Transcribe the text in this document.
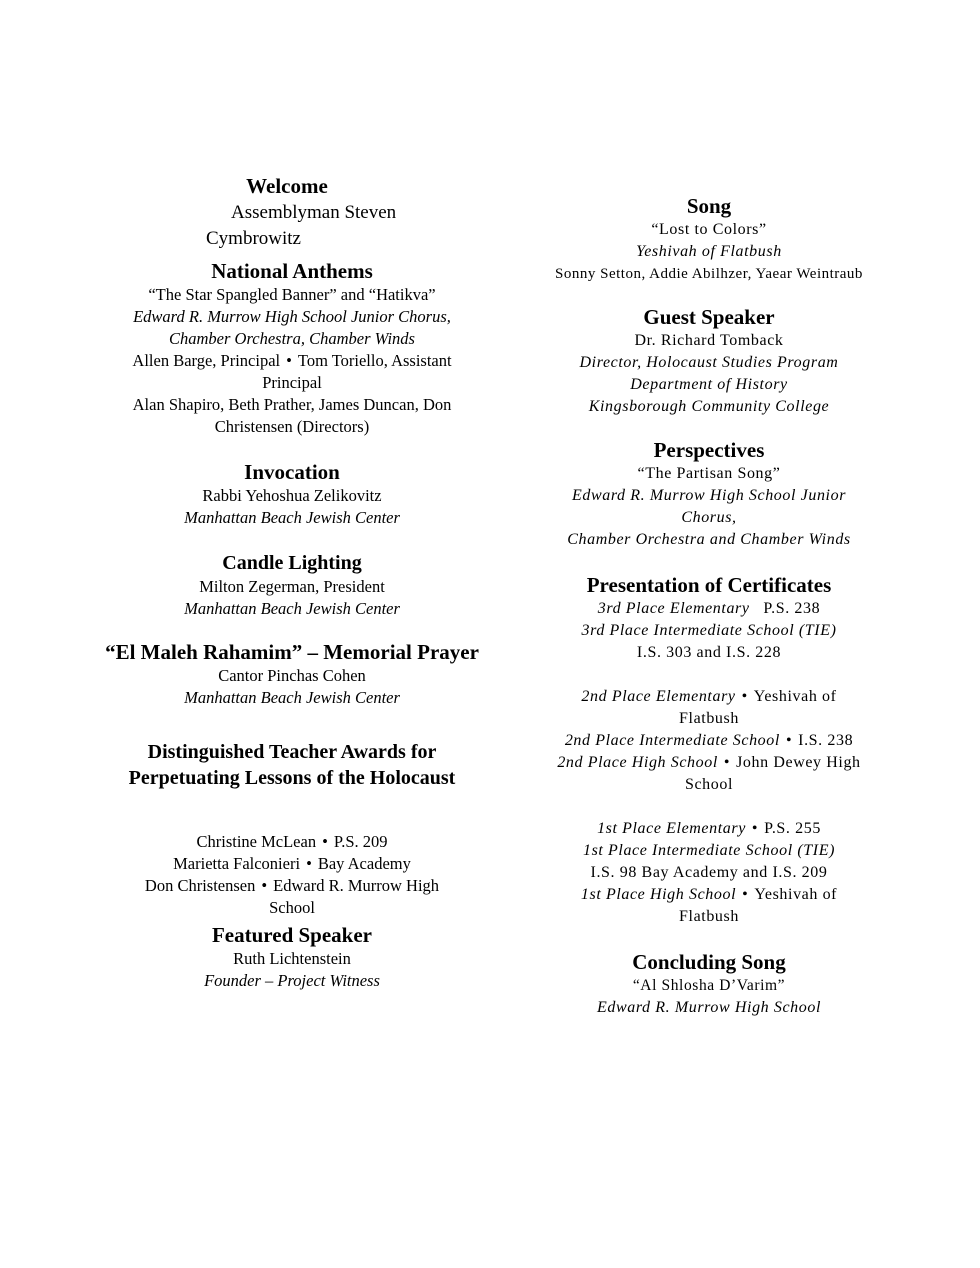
Welcome
Assemblyman Steven
Cymbrowitz
National Anthems
“The Star Spangled Banner” and “Hatikva”
Edward R. Murrow High School Junior Chorus,
Chamber Orchestra, Chamber Winds
Allen Barge, Principal • Tom Toriello, Assistant
Principal
Alan Shapiro, Beth Prather, James Duncan, Don
Christensen (Directors)
Invocation
Rabbi Yehoshua Zelikovitz
Manhattan Beach Jewish Center
Candle Lighting
Milton Zegerman, President
Manhattan Beach Jewish Center
“El Maleh Rahamim” – Memorial Prayer
Cantor Pinchas Cohen
Manhattan Beach Jewish Center
Distinguished Teacher Awards for
Perpetuating Lessons of the Holocaust
Christine McLean • P.S. 209
Marietta Falconieri • Bay Academy
Don Christensen • Edward R. Murrow High
School
Featured Speaker
Ruth Lichtenstein
Founder – Project Witness
Song
“Lost to Colors”
Yeshivah of Flatbush
Sonny Setton, Addie Abilhzer, Yaear Weintraub
Guest Speaker
Dr. Richard Tomback
Director, Holocaust Studies Program
Department of History
Kingsborough Community College
Perspectives
“The Partisan Song”
Edward R. Murrow High School Junior
Chorus,
Chamber Orchestra and Chamber Winds
Presentation of Certificates
3rd Place Elementary P.S. 238
3rd Place Intermediate School (TIE)
I.S. 303 and I.S. 228
2nd Place Elementary • Yeshivah of
Flatbush
2nd Place Intermediate School • I.S. 238
2nd Place High School • John Dewey High
School
1st Place Elementary • P.S. 255
1st Place Intermediate School (TIE)
I.S. 98 Bay Academy and I.S. 209
1st Place High School • Yeshivah of
Flatbush
Concluding Song
“Al Shlosha D’Varim”
Edward R. Murrow High School
